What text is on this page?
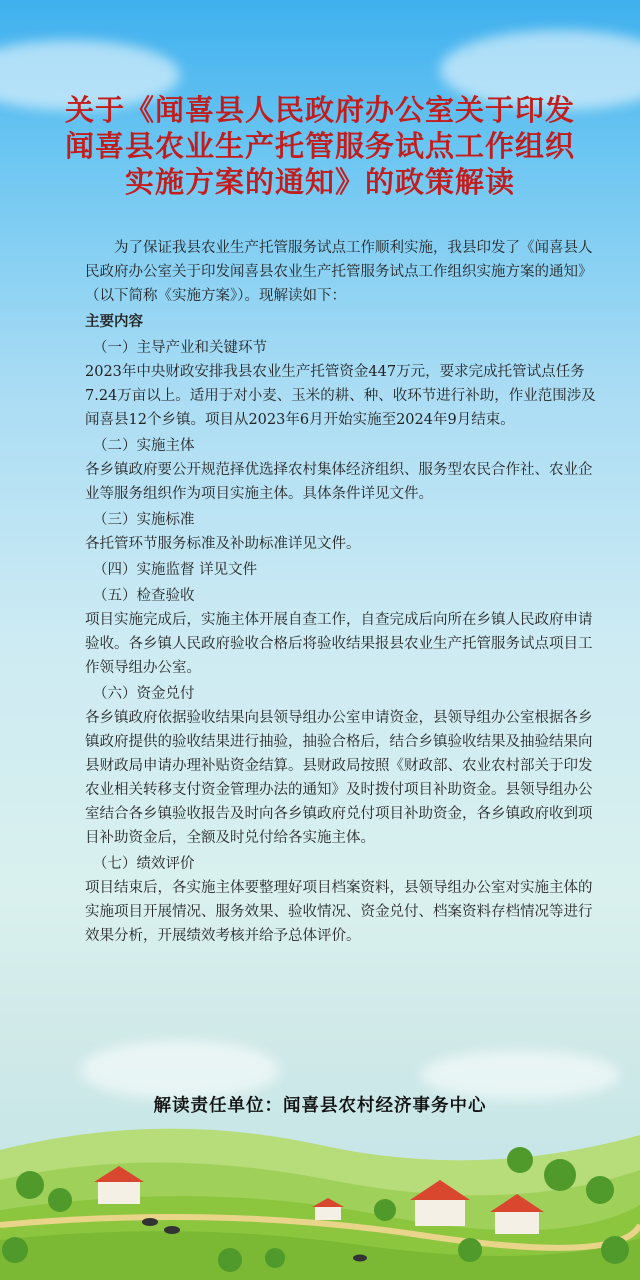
关于《闻喜县人民政府办公室关于印发
闻喜县农业生产托管服务试点工作组织
实施方案的通知》的政策解读

为了保证我县农业生产托管服务试点工作顺利实施，我县印发了《闻喜县人民政府办公室关于印发闻喜县农业生产托管服务试点工作组织实施方案的通知》（以下简称《实施方案》）。现解读如下：

主要内容

（一）主导产业和关键环节

2023年中央财政安排我县农业生产托管资金447万元，要求完成托管试点任务7.24万亩以上。适用于对小麦、玉米的耕、种、收环节进行补助，作业范围涉及闻喜县12个乡镇。项目从2023年6月开始实施至2024年9月结束。

（二）实施主体

各乡镇政府要公开规范择优选择农村集体经济组织、服务型农民合作社、农业企业等服务组织作为项目实施主体。具体条件详见文件。

（三）实施标准

各托管环节服务标准及补助标准详见文件。

（四）实施监督 详见文件

（五）检查验收

项目实施完成后，实施主体开展自查工作，自查完成后向所在乡镇人民政府申请验收。各乡镇人民政府验收合格后将验收结果报县农业生产托管服务试点项目工作领导组办公室。

（六）资金兑付

各乡镇政府依据验收结果向县领导组办公室申请资金，县领导组办公室根据各乡镇政府提供的验收结果进行抽验，抽验合格后，结合乡镇验收结果及抽验结果向县财政局申请办理补贴资金结算。县财政局按照《财政部、农业农村部关于印发农业相关转移支付资金管理办法的通知》及时拨付项目补助资金。县领导组办公室结合各乡镇验收报告及时向各乡镇政府兑付项目补助资金，各乡镇政府收到项目补助资金后，全额及时兑付给各实施主体。

（七）绩效评价

项目结束后，各实施主体要整理好项目档案资料，县领导组办公室对实施主体的实施项目开展情况、服务效果、验收情况、资金兑付、档案资料存档情况等进行效果分析，开展绩效考核并给予总体评价。

解读责任单位：闻喜县农村经济事务中心
